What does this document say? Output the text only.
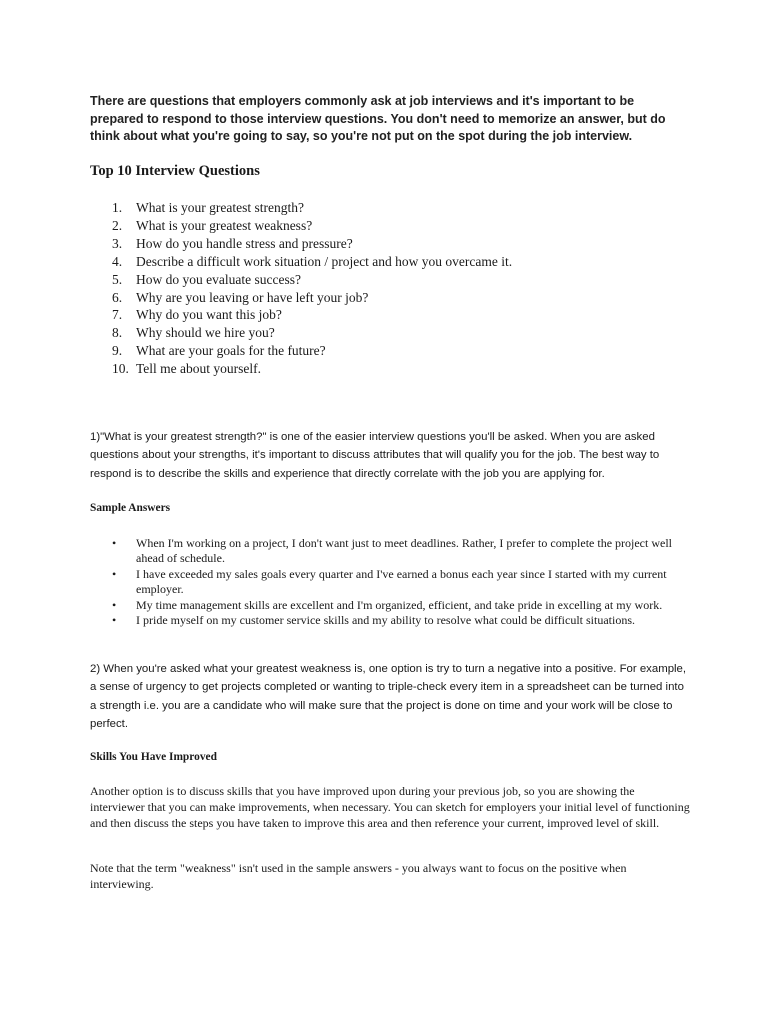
There are questions that employers commonly ask at job interviews and it's important to be prepared to respond to those interview questions. You don't need to memorize an answer, but do think about what you're going to say, so you're not put on the spot during the job interview.

Top 10 Interview Questions
1.	What is your greatest strength?
2.	What is your greatest weakness?
3.	How do you handle stress and pressure?
4.	Describe a difficult work situation / project and how you overcame it.
5.	How do you evaluate success?
6.	Why are you leaving or have left your job?
7.	Why do you want this job?
8.	Why should we hire you?
9.	What are your goals for the future?
10. Tell me about yourself.

1)"What is your greatest strength?" is one of the easier interview questions you'll be asked. When you are asked questions about your strengths, it's important to discuss attributes that will qualify you for the job. The best way to respond is to describe the skills and experience that directly correlate with the job you are applying for.

Sample Answers
• When I'm working on a project, I don't want just to meet deadlines. Rather, I prefer to complete the project well ahead of schedule.
• I have exceeded my sales goals every quarter and I've earned a bonus each year since I started with my current employer.
• My time management skills are excellent and I'm organized, efficient, and take pride in excelling at my work.
• I pride myself on my customer service skills and my ability to resolve what could be difficult situations.

2) When you're asked what your greatest weakness is, one option is try to turn a negative into a positive. For example, a sense of urgency to get projects completed or wanting to triple-check every item in a spreadsheet can be turned into a strength i.e. you are a candidate who will make sure that the project is done on time and your work will be close to perfect.

Skills You Have Improved

Another option is to discuss skills that you have improved upon during your previous job, so you are showing the interviewer that you can make improvements, when necessary. You can sketch for employers your initial level of functioning and then discuss the steps you have taken to improve this area and then reference your current, improved level of skill.

Note that the term "weakness" isn't used in the sample answers - you always want to focus on the positive when interviewing.
